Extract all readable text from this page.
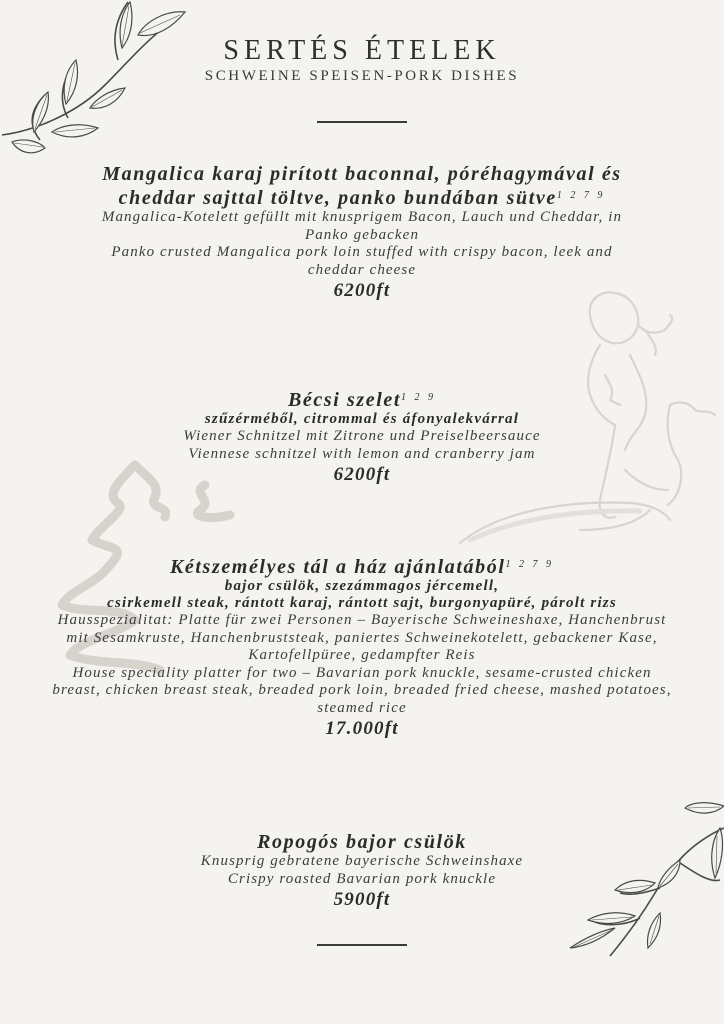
SERTÉS ÉTELEK
SCHWEINE SPEISEN-PORK DISHES
Mangalica karaj pirított baconnal, póréhagymával és
cheddar sajttal töltve, panko bundában sütve$^{1 2 7 9}$
Mangalica-Kotelett gefüllt mit knusprigem Bacon, Lauch und Cheddar, in
Panko gebacken
Panko crusted Mangalica pork loin stuffed with crispy bacon, leek and
cheddar cheese
6200ft
Bécsi szelet$^{1 2 9}$
szűzérméből, citrommal és áfonyalekvárral
Wiener Schnitzel mit Zitrone und Preiselbeersauce
Viennese schnitzel with lemon and cranberry jam
6200ft
Kétszemélyes tál a ház ajánlatából$^{1 2 7 9}$
bajor csülök, szezámmagos jércemell,
csirkemell steak, rántott karaj, rántott sajt, burgonyapüré, párolt rizs
Hausspezialitat: Platte für zwei Personen – Bayerische Schweineshaxe, Hanchenbrust
mit Sesamkruste, Hanchenbruststeak, paniertes Schweinekotelett, gebackener Kase,
Kartofellpüree, gedampfter Reis
House speciality platter for two – Bavarian pork knuckle, sesame-crusted chicken
breast, chicken breast steak, breaded pork loin, breaded fried cheese, mashed potatoes,
steamed rice
17.000ft
Ropogós bajor csülök
Knusprig gebratene bayerische Schweinshaxe
Crispy roasted Bavarian pork knuckle
5900ft
